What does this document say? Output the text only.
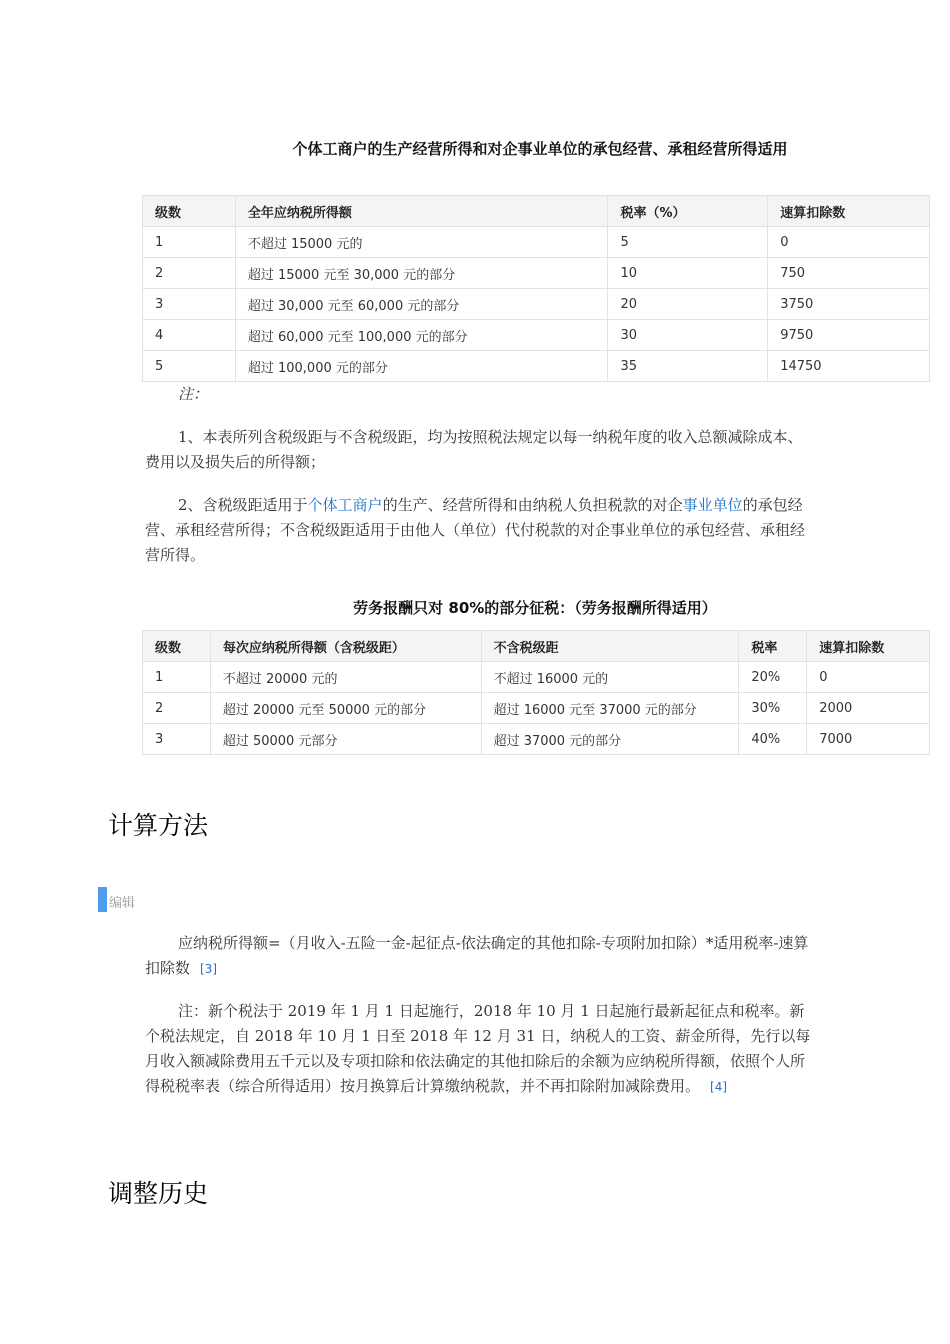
个体工商户的生产经营所得和对企事业单位的承包经营、承租经营所得适用
级数	全年应纳税所得额	税率（%）	速算扣除数
1	不超过 15000 元的	5	0
2	超过 15000 元至 30,000 元的部分	10	750
3	超过 30,000 元至 60,000 元的部分	20	3750
4	超过 60,000 元至 100,000 元的部分	30	9750
5	超过 100,000 元的部分	35	14750
注：
1、本表所列含税级距与不含税级距，均为按照税法规定以每一纳税年度的收入总额减除成本、费用以及损失后的所得额；
2、含税级距适用于个体工商户的生产、经营所得和由纳税人负担税款的对企事业单位的承包经营、承租经营所得；不含税级距适用于由他人（单位）代付税款的对企事业单位的承包经营、承租经营所得。
劳务报酬只对 80%的部分征税：（劳务报酬所得适用）
级数	每次应纳税所得额（含税级距）	不含税级距	税率	速算扣除数
1	不超过 20000 元的	不超过 16000 元的	20%	0
2	超过 20000 元至 50000 元的部分	超过 16000 元至 37000 元的部分	30%	2000
3	超过 50000 元部分	超过 37000 元的部分	40%	7000
计算方法
编辑
应纳税所得额=（月收入-五险一金-起征点-依法确定的其他扣除-专项附加扣除）*适用税率-速算扣除数 [3]
注：新个税法于 2019 年 1 月 1 日起施行，2018 年 10 月 1 日起施行最新起征点和税率。新个税法规定，自 2018 年 10 月 1 日至 2018 年 12 月 31 日，纳税人的工资、薪金所得，先行以每月收入额减除费用五千元以及专项扣除和依法确定的其他扣除后的余额为应纳税所得额，依照个人所得税税率表（综合所得适用）按月换算后计算缴纳税款，并不再扣除附加减除费用。 [4]
调整历史
